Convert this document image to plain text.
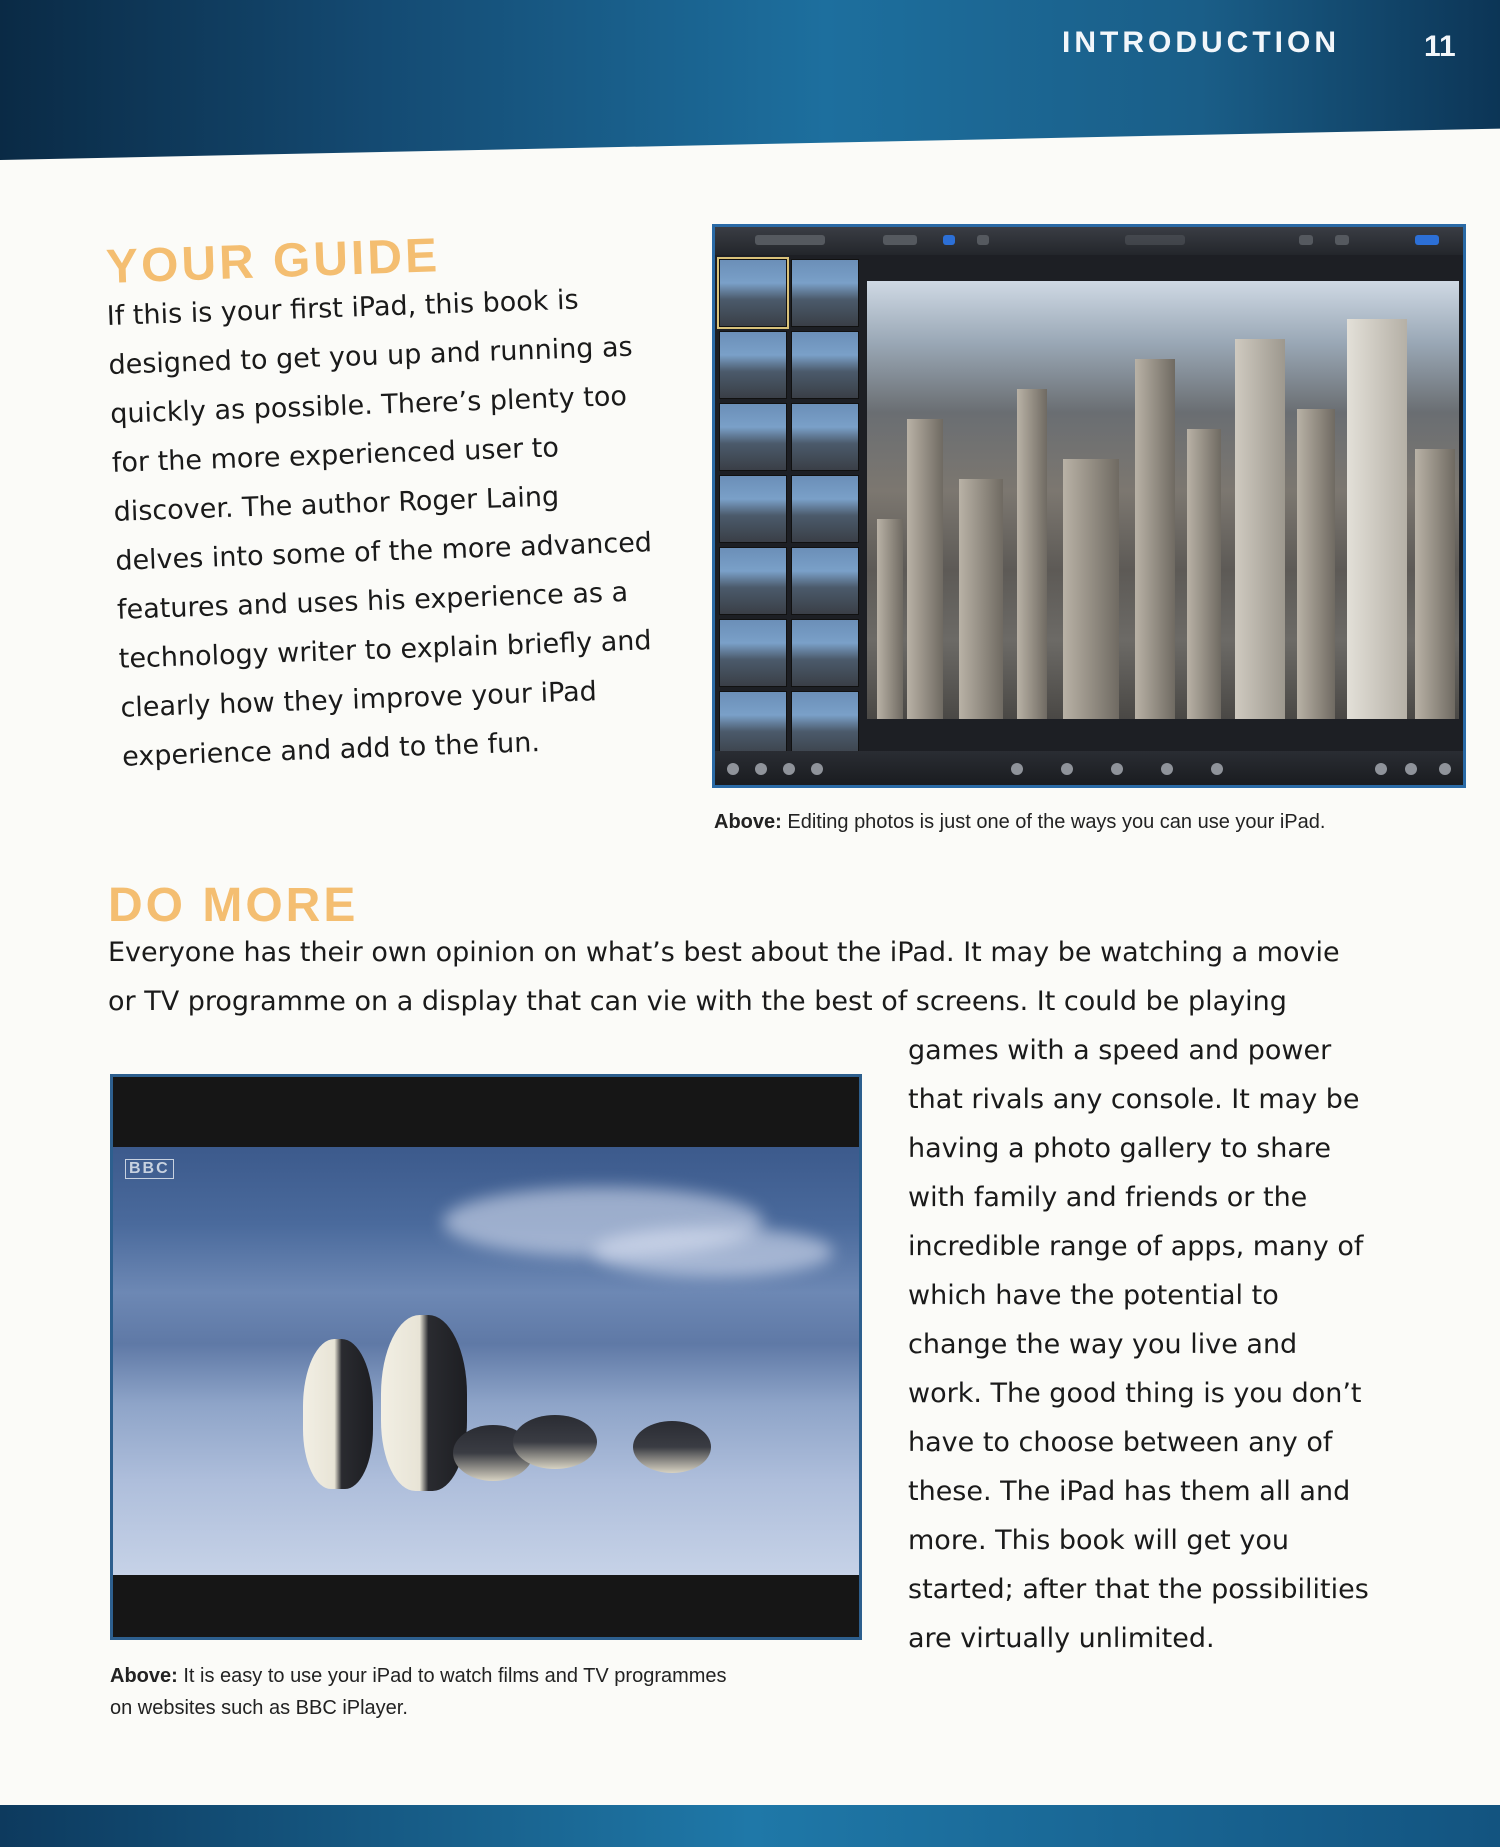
INTRODUCTION	11
YOUR GUIDE
If this is your first iPad, this book is designed to get you up and running as quickly as possible. There’s plenty too for the more experienced user to discover. The author Roger Laing delves into some of the more advanced features and uses his experience as a technology writer to explain briefly and clearly how they improve your iPad experience and add to the fun.
Above: Editing photos is just one of the ways you can use your iPad.
DO MORE
Everyone has their own opinion on what’s best about the iPad. It may be watching a movie or TV programme on a display that can vie with the best of screens. It could be playing
BBC
Above: It is easy to use your iPad to watch films and TV programmes on websites such as BBC iPlayer.
games with a speed and power that rivals any console. It may be having a photo gallery to share with family and friends or the incredible range of apps, many of which have the potential to change the way you live and work. The good thing is you don’t have to choose between any of these. The iPad has them all and more. This book will get you started; after that the possibilities are virtually unlimited.
